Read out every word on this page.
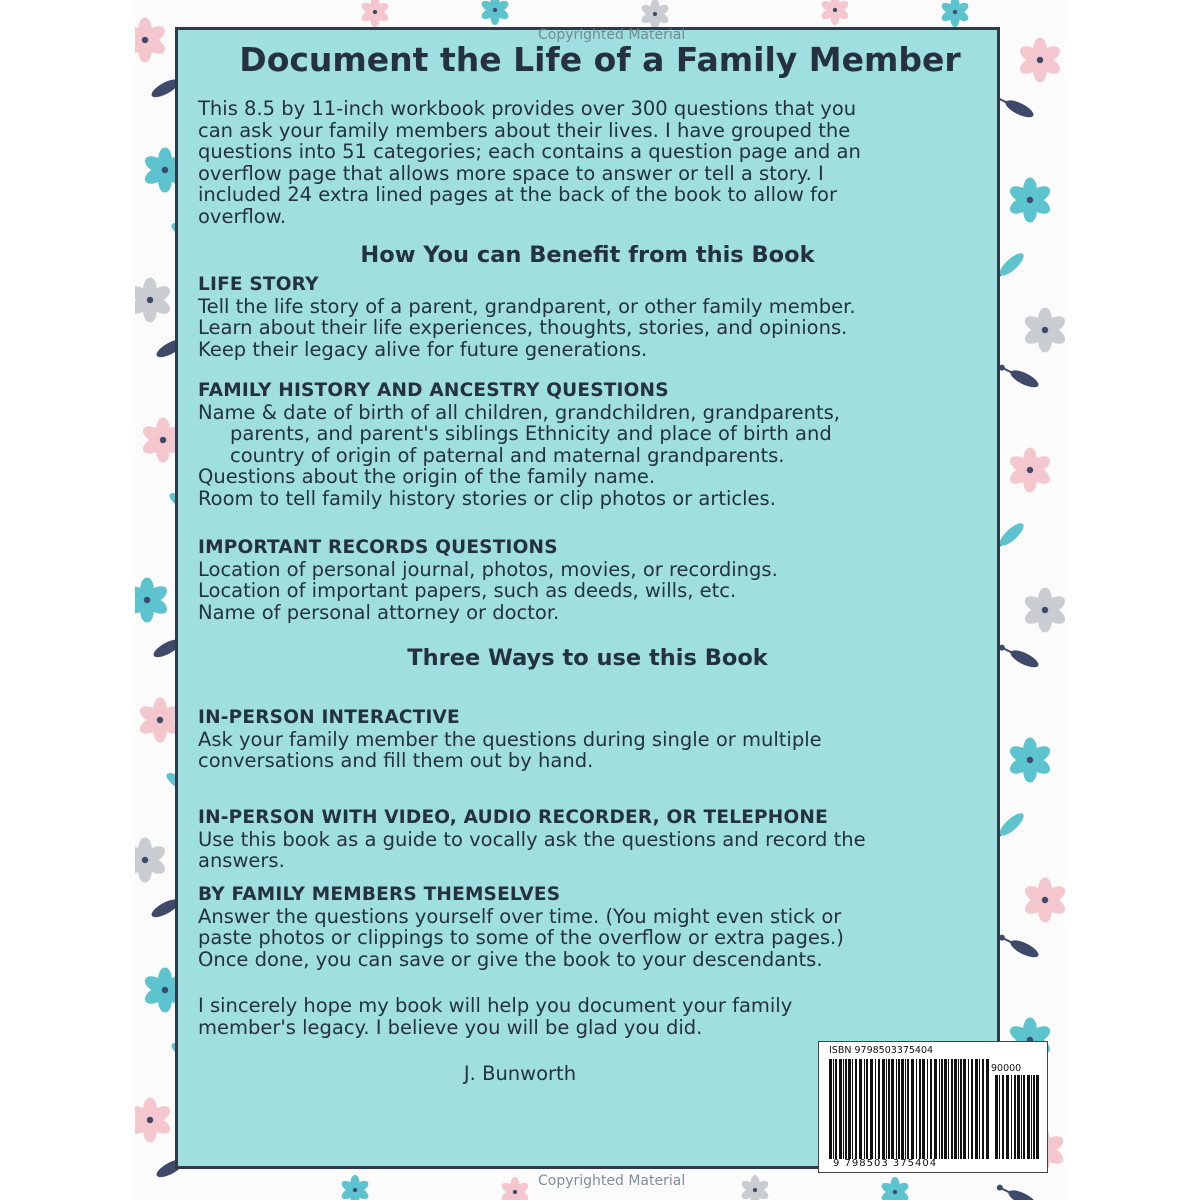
Copyrighted Material
Document the Life of a Family Member
This 8.5 by 11-inch workbook provides over 300 questions that you
can ask your family members about their lives. I have grouped the
questions into 51 categories; each contains a question page and an
overflow page that allows more space to answer or tell a story. I
included 24 extra lined pages at the back of the book to allow for
overflow.
How You can Benefit from this Book
LIFE STORY
Tell the life story of a parent, grandparent, or other family member.
Learn about their life experiences, thoughts, stories, and opinions.
Keep their legacy alive for future generations.
FAMILY HISTORY AND ANCESTRY QUESTIONS
Name & date of birth of all children, grandchildren, grandparents,
parents, and parent's siblings Ethnicity and place of birth and
country of origin of paternal and maternal grandparents.
Questions about the origin of the family name.
Room to tell family history stories or clip photos or articles.
IMPORTANT RECORDS QUESTIONS
Location of personal journal, photos, movies, or recordings.
Location of important papers, such as deeds, wills, etc.
Name of personal attorney or doctor.
Three Ways to use this Book
IN-PERSON INTERACTIVE
Ask your family member the questions during single or multiple
conversations and fill them out by hand.
IN-PERSON WITH VIDEO, AUDIO RECORDER, OR TELEPHONE
Use this book as a guide to vocally ask the questions and record the
answers.
BY FAMILY MEMBERS THEMSELVES
Answer the questions yourself over time. (You might even stick or
paste photos or clippings to some of the overflow or extra pages.)
Once done, you can save or give the book to your descendants.
I sincerely hope my book will help you document your family
member's legacy. I believe you will be glad you did.
J. Bunworth
ISBN 9798503375404
90000
9 798503 375404
Copyrighted Material
